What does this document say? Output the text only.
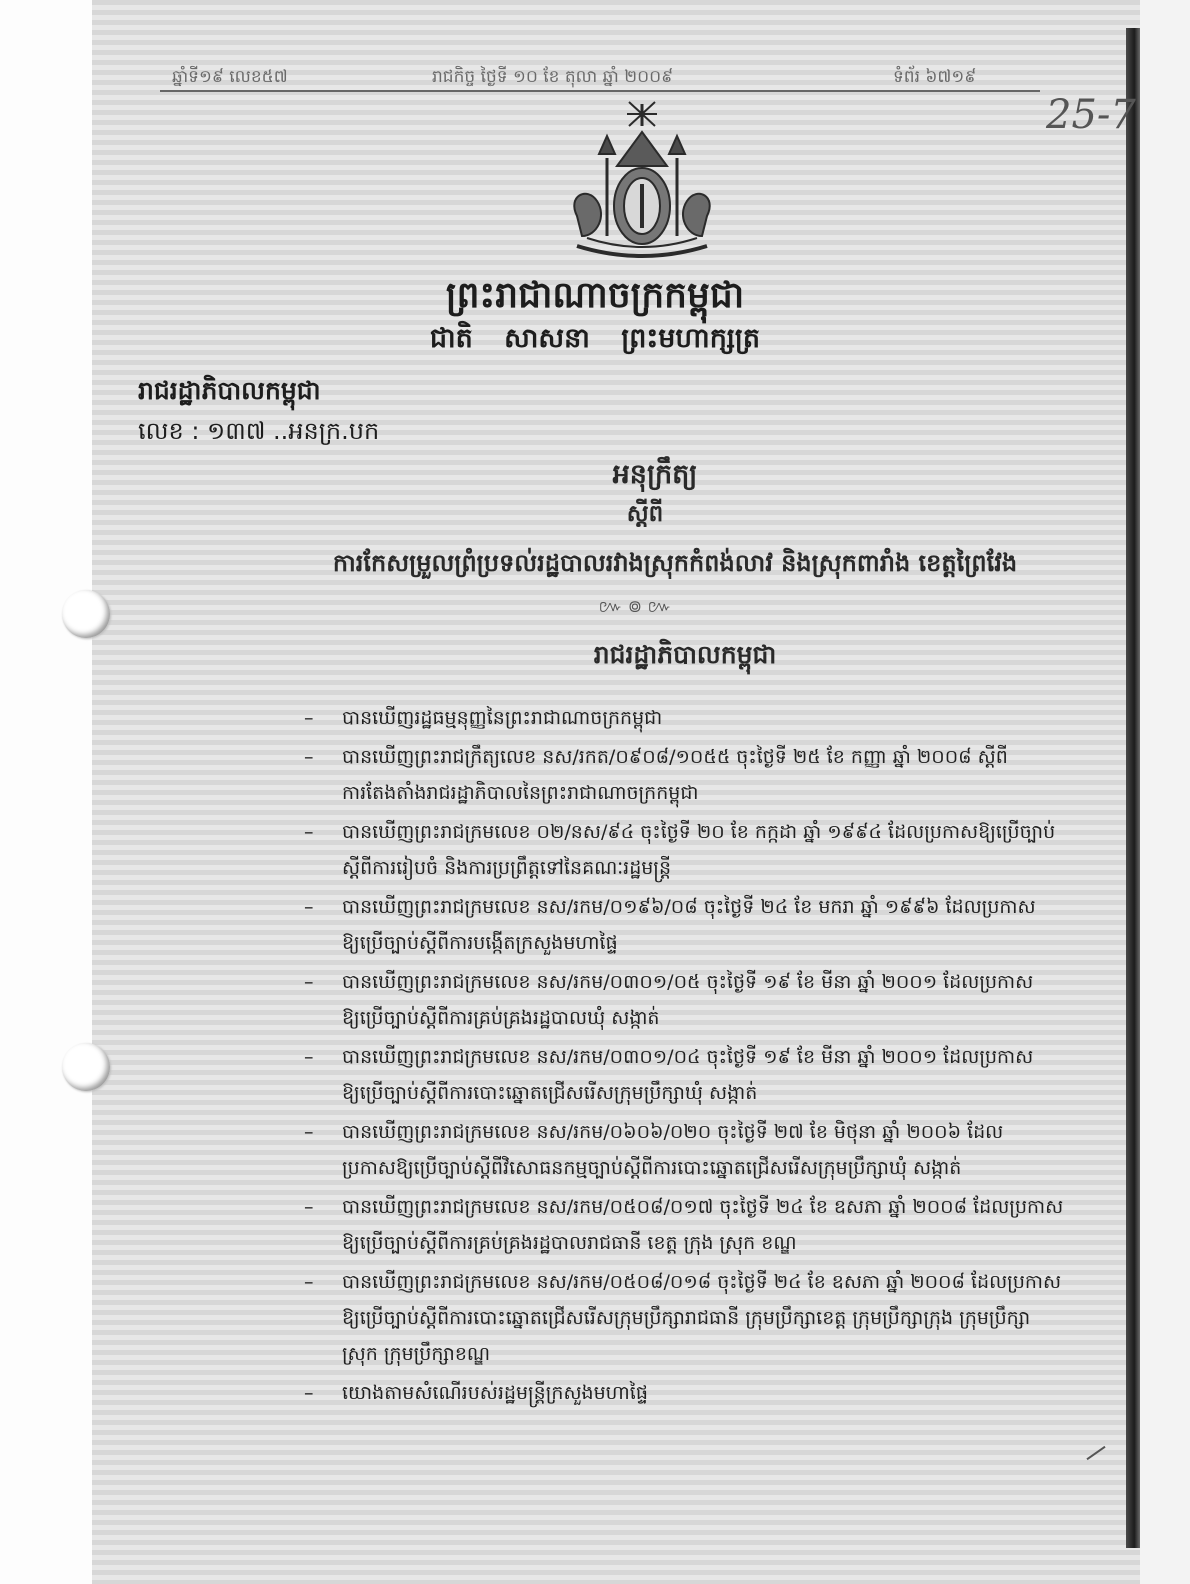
ឆ្នាំទី១៩ លេខ៥៧	រាជកិច្ច ថ្ងៃទី ១០ ខែ តុលា ឆ្នាំ ២០០៩	ទំព័រ ៦៧១៩
25-7
ព្រះរាជាណាចក្រកម្ពុជា
ជាតិ សាសនា ព្រះមហាក្សត្រ
រាជរដ្ឋាភិបាលកម្ពុជា
លេខ : ១៣៧ ..អនក្រ.បក
អនុក្រឹត្យ
ស្ដីពី
ការកែសម្រួលព្រំប្រទល់រដ្ឋបាលរវាងស្រុកកំពង់លាវ និងស្រុកពារាំង ខេត្តព្រៃវែង
៚ ៙ ៚
រាជរដ្ឋាភិបាលកម្ពុជា
–	បានឃើញរដ្ឋធម្មនុញ្ញនៃព្រះរាជាណាចក្រកម្ពុជា
–	បានឃើញព្រះរាជក្រឹត្យលេខ នស/រកត/០៩០៨/១០៥៥ ចុះថ្ងៃទី ២៥ ខែ កញ្ញា ឆ្នាំ ២០០៨ ស្ដីពី
ការតែងតាំងរាជរដ្ឋាភិបាលនៃព្រះរាជាណាចក្រកម្ពុជា
–	បានឃើញព្រះរាជក្រមលេខ ០២/នស/៩៤ ចុះថ្ងៃទី ២០ ខែ កក្កដា ឆ្នាំ ១៩៩៤ ដែលប្រកាសឱ្យប្រើច្បាប់
ស្ដីពីការរៀបចំ និងការប្រព្រឹត្តទៅនៃគណៈរដ្ឋមន្ត្រី
–	បានឃើញព្រះរាជក្រមលេខ នស/រកម/០១៩៦/០៨ ចុះថ្ងៃទី ២៤ ខែ មករា ឆ្នាំ ១៩៩៦ ដែលប្រកាស
ឱ្យប្រើច្បាប់ស្ដីពីការបង្កើតក្រសួងមហាផ្ទៃ
–	បានឃើញព្រះរាជក្រមលេខ នស/រកម/០៣០១/០៥ ចុះថ្ងៃទី ១៩ ខែ មីនា ឆ្នាំ ២០០១ ដែលប្រកាស
ឱ្យប្រើច្បាប់ស្ដីពីការគ្រប់គ្រងរដ្ឋបាលឃុំ សង្កាត់
–	បានឃើញព្រះរាជក្រមលេខ នស/រកម/០៣០១/០៤ ចុះថ្ងៃទី ១៩ ខែ មីនា ឆ្នាំ ២០០១ ដែលប្រកាស
ឱ្យប្រើច្បាប់ស្ដីពីការបោះឆ្នោតជ្រើសរើសក្រុមប្រឹក្សាឃុំ សង្កាត់
–	បានឃើញព្រះរាជក្រមលេខ នស/រកម/០៦០៦/០២០ ចុះថ្ងៃទី ២៧ ខែ មិថុនា ឆ្នាំ ២០០៦ ដែល
ប្រកាសឱ្យប្រើច្បាប់ស្ដីពីវិសោធនកម្មច្បាប់ស្ដីពីការបោះឆ្នោតជ្រើសរើសក្រុមប្រឹក្សាឃុំ សង្កាត់
–	បានឃើញព្រះរាជក្រមលេខ នស/រកម/០៥០៨/០១៧ ចុះថ្ងៃទី ២៤ ខែ ឧសភា ឆ្នាំ ២០០៨ ដែលប្រកាស
ឱ្យប្រើច្បាប់ស្ដីពីការគ្រប់គ្រងរដ្ឋបាលរាជធានី ខេត្ត ក្រុង ស្រុក ខណ្ឌ
–	បានឃើញព្រះរាជក្រមលេខ នស/រកម/០៥០៨/០១៨ ចុះថ្ងៃទី ២៤ ខែ ឧសភា ឆ្នាំ ២០០៨ ដែលប្រកាស
ឱ្យប្រើច្បាប់ស្ដីពីការបោះឆ្នោតជ្រើសរើសក្រុមប្រឹក្សារាជធានី ក្រុមប្រឹក្សាខេត្ត ក្រុមប្រឹក្សាក្រុង ក្រុមប្រឹក្សា
ស្រុក ក្រុមប្រឹក្សាខណ្ឌ
–	យោងតាមសំណើរបស់រដ្ឋមន្ត្រីក្រសួងមហាផ្ទៃ
